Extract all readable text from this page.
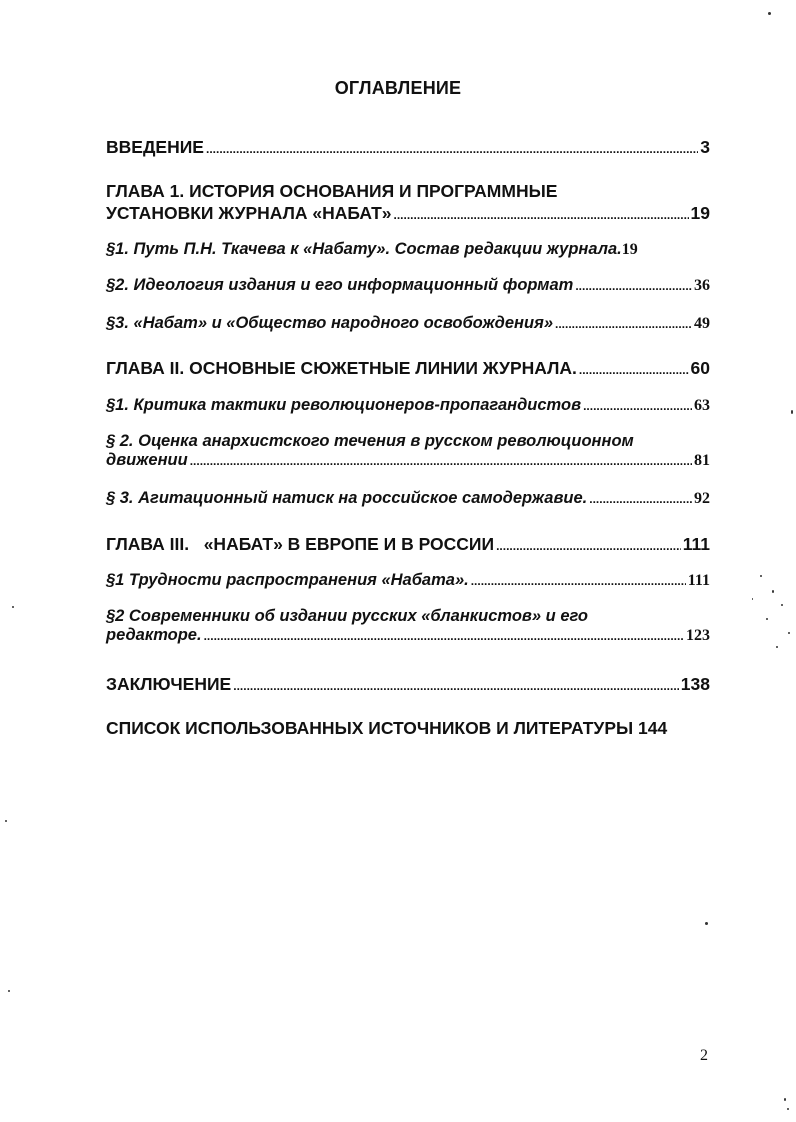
ОГЛАВЛЕНИЕ
ВВЕДЕНИЕ .....	3
ГЛАВА 1. ИСТОРИЯ ОСНОВАНИЯ И ПРОГРАММНЫЕ
УСТАНОВКИ ЖУРНАЛА «НАБАТ» .....	19
§1. Путь П.Н. Ткачева к «Набату». Состав редакции журнала. 19
§2. Идеология издания и его информационный формат .....	36
§3. «Набат» и «Общество народного освобождения» .....	49
ГЛАВА II. ОСНОВНЫЕ СЮЖЕТНЫЕ ЛИНИИ ЖУРНАЛА. .....	60
§1. Критика тактики революционеров-пропагандистов .....	63
§ 2. Оценка анархистского течения в русском революционном
движении .....	81
§ 3. Агитационный натиск на российское самодержавие. .....	92
ГЛАВА III.   «НАБАТ» В ЕВРОПЕ И В РОССИИ .....	111
§1 Трудности распространения «Набата». .....	111
§2 Современники об издании русских «бланкистов» и его
редакторе. .....	123
ЗАКЛЮЧЕНИЕ .....	138
СПИСОК ИСПОЛЬЗОВАННЫХ ИСТОЧНИКОВ И ЛИТЕРАТУРЫ 144
2
